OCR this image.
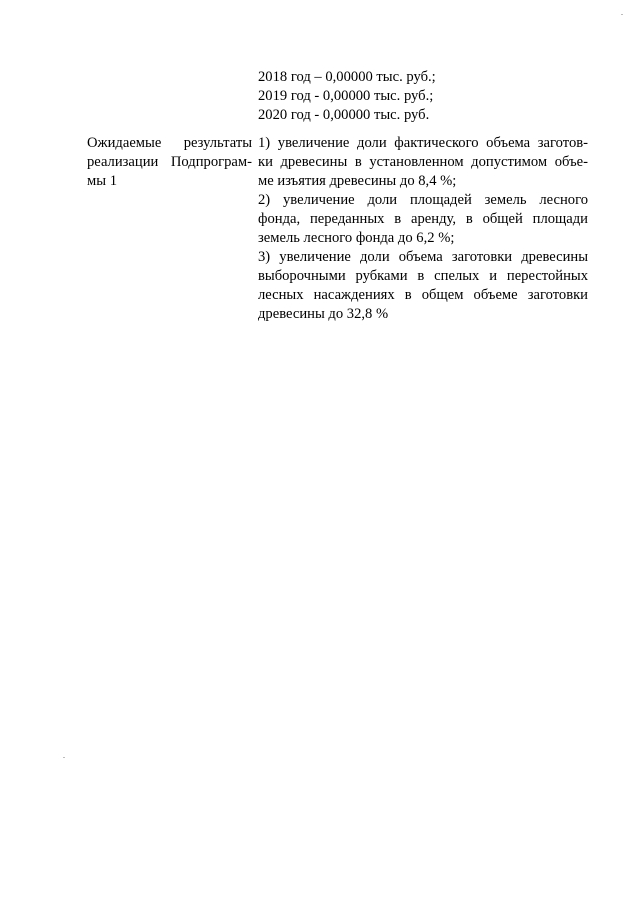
2018 год – 0,00000 тыс. руб.;
2019 год - 0,00000 тыс. руб.;
2020 год - 0,00000 тыс. руб.
Ожидаемые результаты
реализации Подпрограм-
мы 1
1) увеличение доли фактического объема заготов-
ки древесины в установленном допустимом объе-
ме изъятия древесины до 8,4 %;
2) увеличение доли площадей земель лесного
фонда, переданных в аренду, в общей площади
земель лесного фонда до 6,2 %;
3) увеличение доли объема заготовки древесины
выборочными рубками в спелых и перестойных
лесных насаждениях в общем объеме заготовки
древесины до 32,8 %
